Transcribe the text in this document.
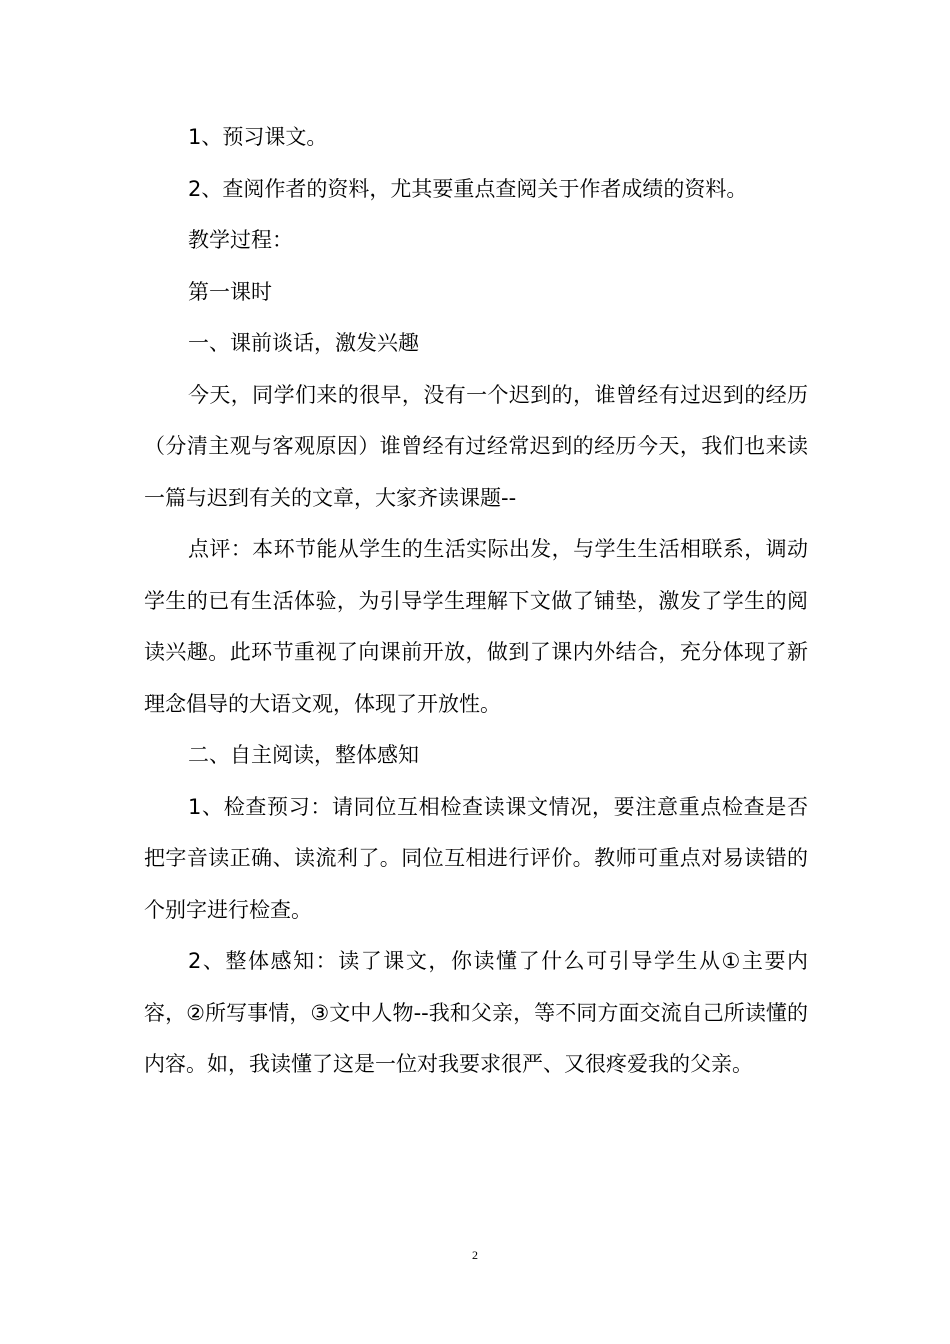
1、预习课文。

2、查阅作者的资料，尤其要重点查阅关于作者成绩的资料。

教学过程：

第一课时

一、课前谈话，激发兴趣

今天，同学们来的很早，没有一个迟到的，谁曾经有过迟到的经历（分清主观与客观原因）谁曾经有过经常迟到的经历今天，我们也来读一篇与迟到有关的文章，大家齐读课题--

点评：本环节能从学生的生活实际出发，与学生生活相联系，调动学生的已有生活体验，为引导学生理解下文做了铺垫，激发了学生的阅读兴趣。此环节重视了向课前开放，做到了课内外结合，充分体现了新理念倡导的大语文观，体现了开放性。

二、自主阅读，整体感知

1、检查预习：请同位互相检查读课文情况，要注意重点检查是否把字音读正确、读流利了。同位互相进行评价。教师可重点对易读错的个别字进行检查。

2、整体感知：读了课文，你读懂了什么可引导学生从①主要内容，②所写事情，③文中人物--我和父亲，等不同方面交流自己所读懂的内容。如，我读懂了这是一位对我要求很严、又很疼爱我的父亲。

2
